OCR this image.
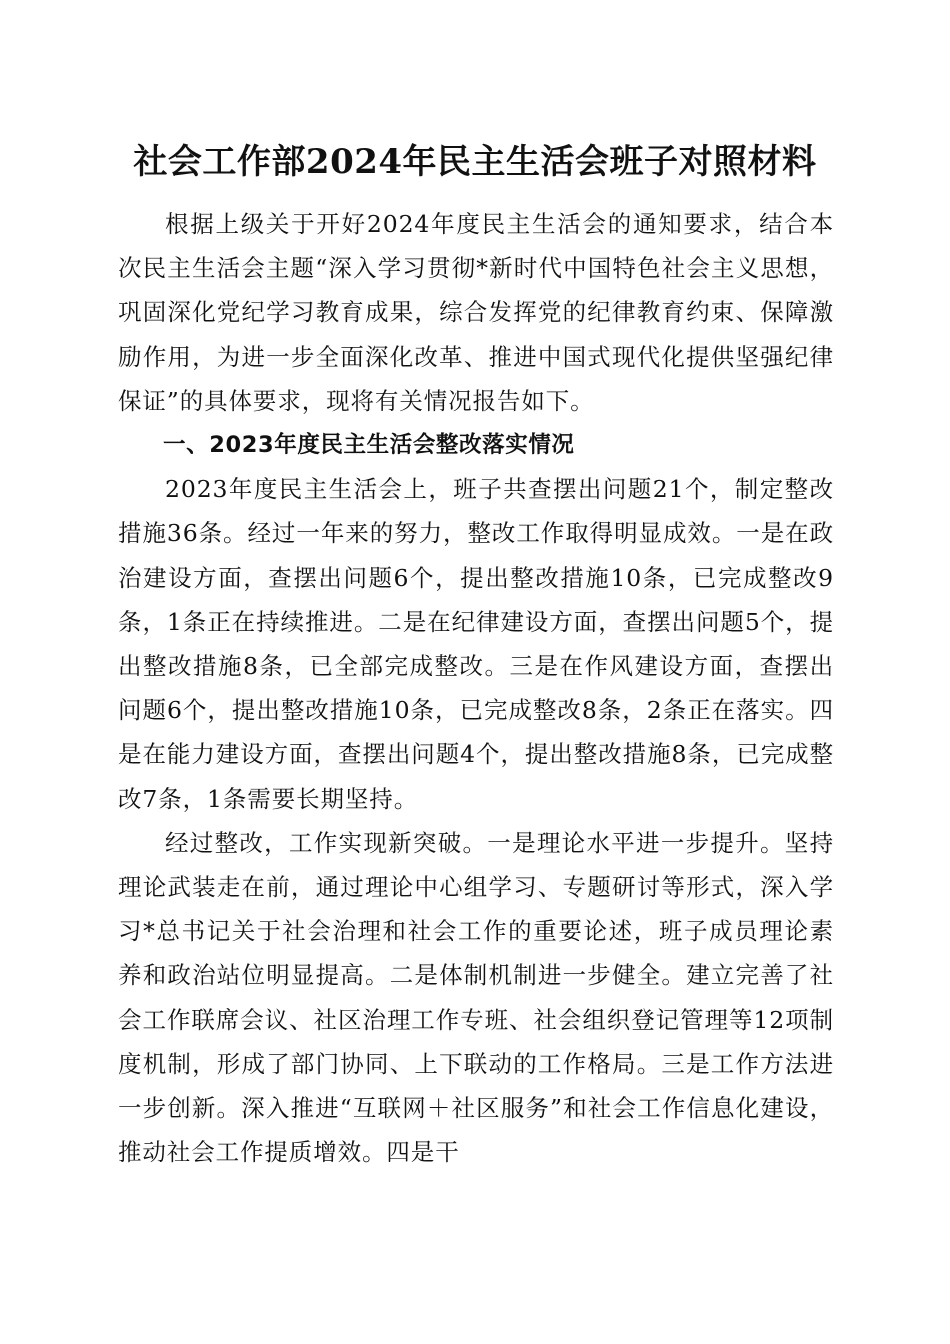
社会工作部2024年民主生活会班子对照材料

根据上级关于开好2024年度民主生活会的通知要求，结合本次民主生活会主题“深入学习贯彻*新时代中国特色社会主义思想，巩固深化党纪学习教育成果，综合发挥党的纪律教育约束、保障激励作用，为进一步全面深化改革、推进中国式现代化提供坚强纪律保证”的具体要求，现将有关情况报告如下。

一、2023年度民主生活会整改落实情况

2023年度民主生活会上，班子共查摆出问题21个，制定整改措施36条。经过一年来的努力，整改工作取得明显成效。一是在政治建设方面，查摆出问题6个，提出整改措施10条，已完成整改9条，1条正在持续推进。二是在纪律建设方面，查摆出问题5个，提出整改措施8条，已全部完成整改。三是在作风建设方面，查摆出问题6个，提出整改措施10条，已完成整改8条，2条正在落实。四是在能力建设方面，查摆出问题4个，提出整改措施8条，已完成整改7条，1条需要长期坚持。

经过整改，工作实现新突破。一是理论水平进一步提升。坚持理论武装走在前，通过理论中心组学习、专题研讨等形式，深入学习*总书记关于社会治理和社会工作的重要论述，班子成员理论素养和政治站位明显提高。二是体制机制进一步健全。建立完善了社会工作联席会议、社区治理工作专班、社会组织登记管理等12项制度机制，形成了部门协同、上下联动的工作格局。三是工作方法进一步创新。深入推进“互联网＋社区服务”和社会工作信息化建设，推动社会工作提质增效。四是干
